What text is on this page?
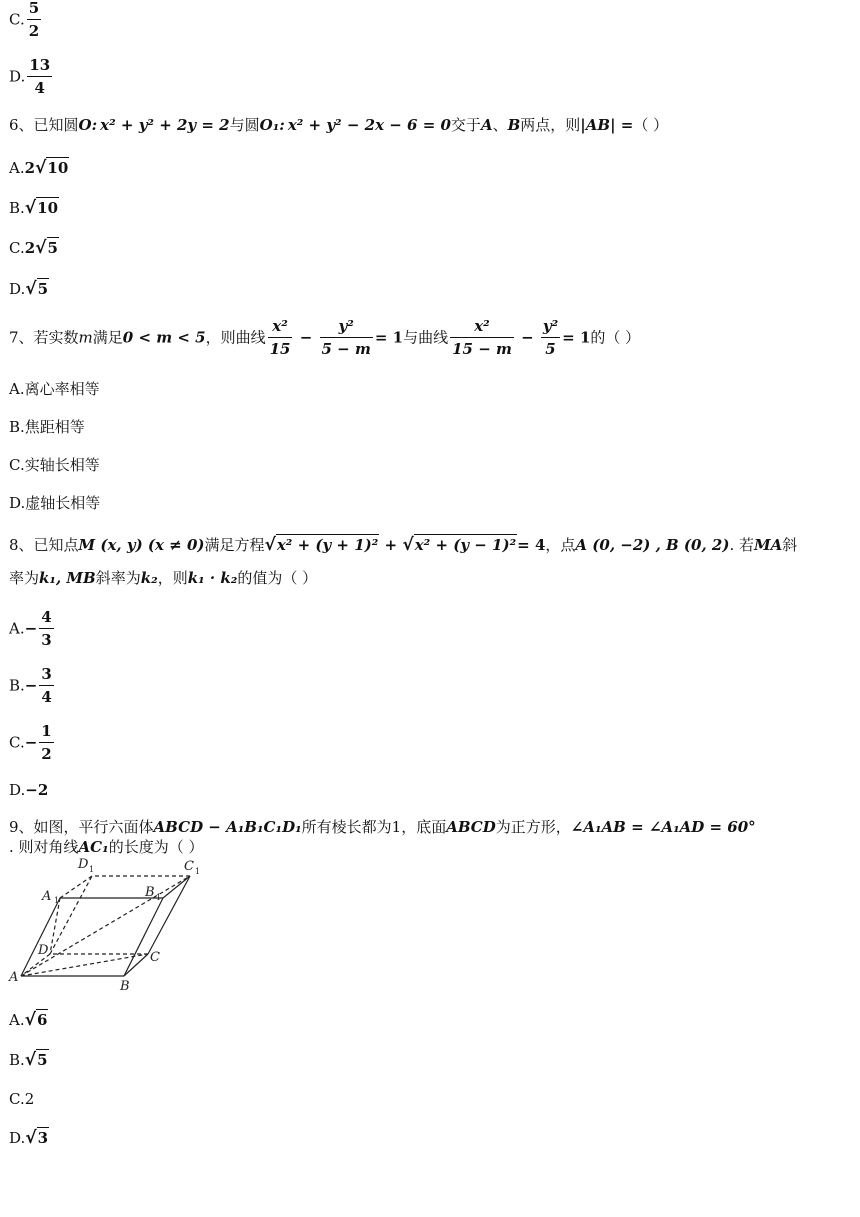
C. $\frac{5}{2}$
D. $\frac{13}{4}$
6、已知圆O: x² + y² + 2y = 2与圆O₁: x² + y² − 2x − 6 = 0交于A、B两点，则|AB| =（ ）
A.2√10
B.√10
C.2√5
D.√5
7、若实数m满足0 < m < 5，则曲线 $\frac{\text{x²}}{15} - \frac{\text{y²}}{5 - m} = 1$与曲线 $\frac{\text{x²}}{15 - m} - \frac{\text{y²}}{5} = 1$的（ ）
A.离心率相等
B.焦距相等
C.实轴长相等
D.虚轴长相等
8、已知点M (x, y) (x ≠ 0)满足方程√x² + (y + 1)² + √x² + (y − 1)²= 4，点A (0, −2) , B (0, 2). 若MA斜
率为k₁, MB斜率为k₂，则k₁ · k₂的值为（ ）
$A.- \frac{4}{3}$
$B.- \frac{3}{4}$
$C.- \frac{1}{2}$
D.−2
9、如图，平行六面体ABCD − A₁B₁C₁D₁所有棱长都为1，底面ABCD为正方形，∠A₁AB = ∠A₁AD = 60°
. 则对角线AC₁的长度为（ ）
A
B
C
D
A 1
B 1
C 1
D 1
A.√6
B.√5
C.2
D.√3
